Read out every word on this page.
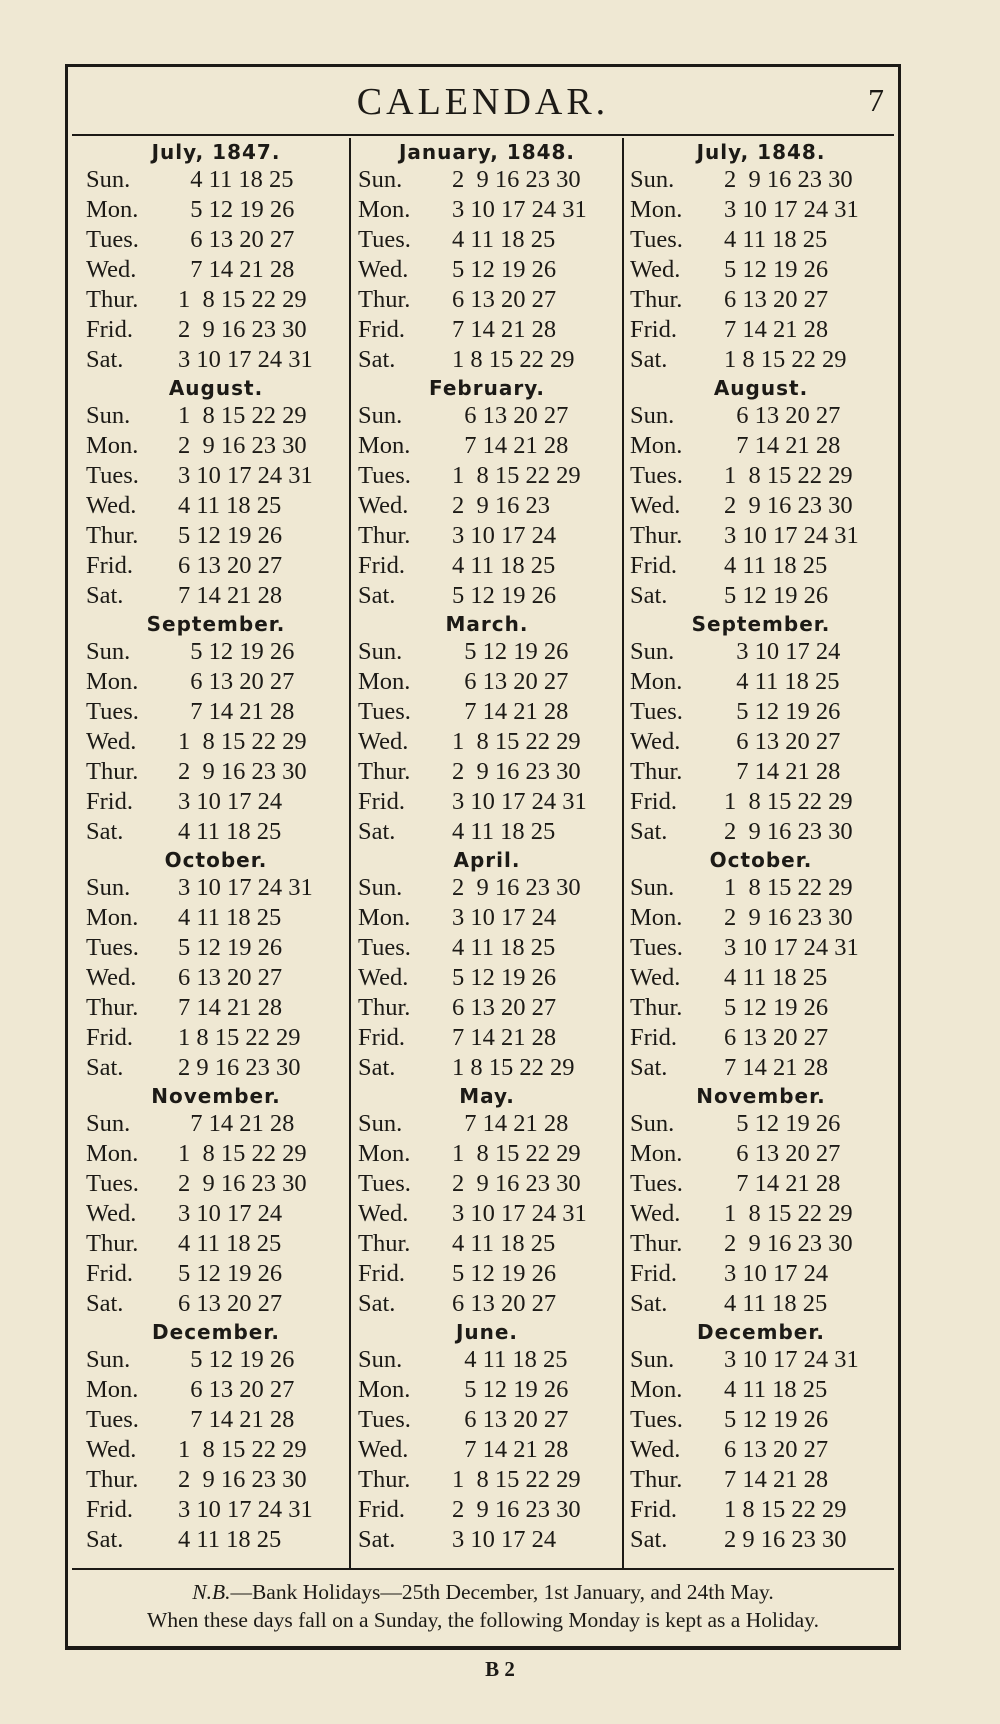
CALENDAR.	7
July, 1847.
Sun.  4 11 18 25
Mon.  5 12 19 26
Tues.  6 13 20 27
Wed.  7 14 21 28
Thur. 1  8 15 22 29
Frid. 2  9 16 23 30
Sat. 3 10 17 24 31
August.
Sun. 1  8 15 22 29
Mon. 2  9 16 23 30
Tues. 3 10 17 24 31
Wed. 4 11 18 25
Thur. 5 12 19 26
Frid. 6 13 20 27
Sat. 7 14 21 28
September.
Sun.  5 12 19 26
Mon.  6 13 20 27
Tues.  7 14 21 28
Wed. 1  8 15 22 29
Thur. 2  9 16 23 30
Frid. 3 10 17 24
Sat. 4 11 18 25
October.
Sun. 3 10 17 24 31
Mon. 4 11 18 25
Tues. 5 12 19 26
Wed. 6 13 20 27
Thur. 7 14 21 28
Frid. 1 8 15 22 29
Sat. 2 9 16 23 30
November.
Sun.  7 14 21 28
Mon. 1  8 15 22 29
Tues. 2  9 16 23 30
Wed. 3 10 17 24
Thur. 4 11 18 25
Frid. 5 12 19 26
Sat. 6 13 20 27
December.
Sun.  5 12 19 26
Mon.  6 13 20 27
Tues.  7 14 21 28
Wed. 1  8 15 22 29
Thur. 2  9 16 23 30
Frid. 3 10 17 24 31
Sat. 4 11 18 25
January, 1848.
Sun. 2  9 16 23 30
Mon. 3 10 17 24 31
Tues. 4 11 18 25
Wed. 5 12 19 26
Thur. 6 13 20 27
Frid. 7 14 21 28
Sat. 1 8 15 22 29
February.
Sun.  6 13 20 27
Mon.  7 14 21 28
Tues. 1  8 15 22 29
Wed. 2  9 16 23
Thur. 3 10 17 24
Frid. 4 11 18 25
Sat. 5 12 19 26
March.
Sun.  5 12 19 26
Mon.  6 13 20 27
Tues.  7 14 21 28
Wed. 1  8 15 22 29
Thur. 2  9 16 23 30
Frid. 3 10 17 24 31
Sat. 4 11 18 25
April.
Sun. 2  9 16 23 30
Mon. 3 10 17 24
Tues. 4 11 18 25
Wed. 5 12 19 26
Thur. 6 13 20 27
Frid. 7 14 21 28
Sat. 1 8 15 22 29
May.
Sun.  7 14 21 28
Mon. 1  8 15 22 29
Tues. 2  9 16 23 30
Wed. 3 10 17 24 31
Thur. 4 11 18 25
Frid. 5 12 19 26
Sat. 6 13 20 27
June.
Sun.  4 11 18 25
Mon.  5 12 19 26
Tues.  6 13 20 27
Wed.  7 14 21 28
Thur. 1  8 15 22 29
Frid. 2  9 16 23 30
Sat. 3 10 17 24
July, 1848.
Sun. 2  9 16 23 30
Mon. 3 10 17 24 31
Tues. 4 11 18 25
Wed. 5 12 19 26
Thur. 6 13 20 27
Frid. 7 14 21 28
Sat. 1 8 15 22 29
August.
Sun.  6 13 20 27
Mon.  7 14 21 28
Tues. 1  8 15 22 29
Wed. 2  9 16 23 30
Thur. 3 10 17 24 31
Frid. 4 11 18 25
Sat. 5 12 19 26
September.
Sun.  3 10 17 24
Mon.  4 11 18 25
Tues.  5 12 19 26
Wed.  6 13 20 27
Thur.  7 14 21 28
Frid. 1  8 15 22 29
Sat. 2  9 16 23 30
October.
Sun. 1  8 15 22 29
Mon. 2  9 16 23 30
Tues. 3 10 17 24 31
Wed. 4 11 18 25
Thur. 5 12 19 26
Frid. 6 13 20 27
Sat. 7 14 21 28
November.
Sun.  5 12 19 26
Mon.  6 13 20 27
Tues.  7 14 21 28
Wed. 1  8 15 22 29
Thur. 2  9 16 23 30
Frid. 3 10 17 24
Sat. 4 11 18 25
December.
Sun. 3 10 17 24 31
Mon. 4 11 18 25
Tues. 5 12 19 26
Wed. 6 13 20 27
Thur. 7 14 21 28
Frid. 1 8 15 22 29
Sat. 2 9 16 23 30
N.B.—Bank Holidays—25th December, 1st January, and 24th May.
When these days fall on a Sunday, the following Monday is kept as a Holiday.
B 2
